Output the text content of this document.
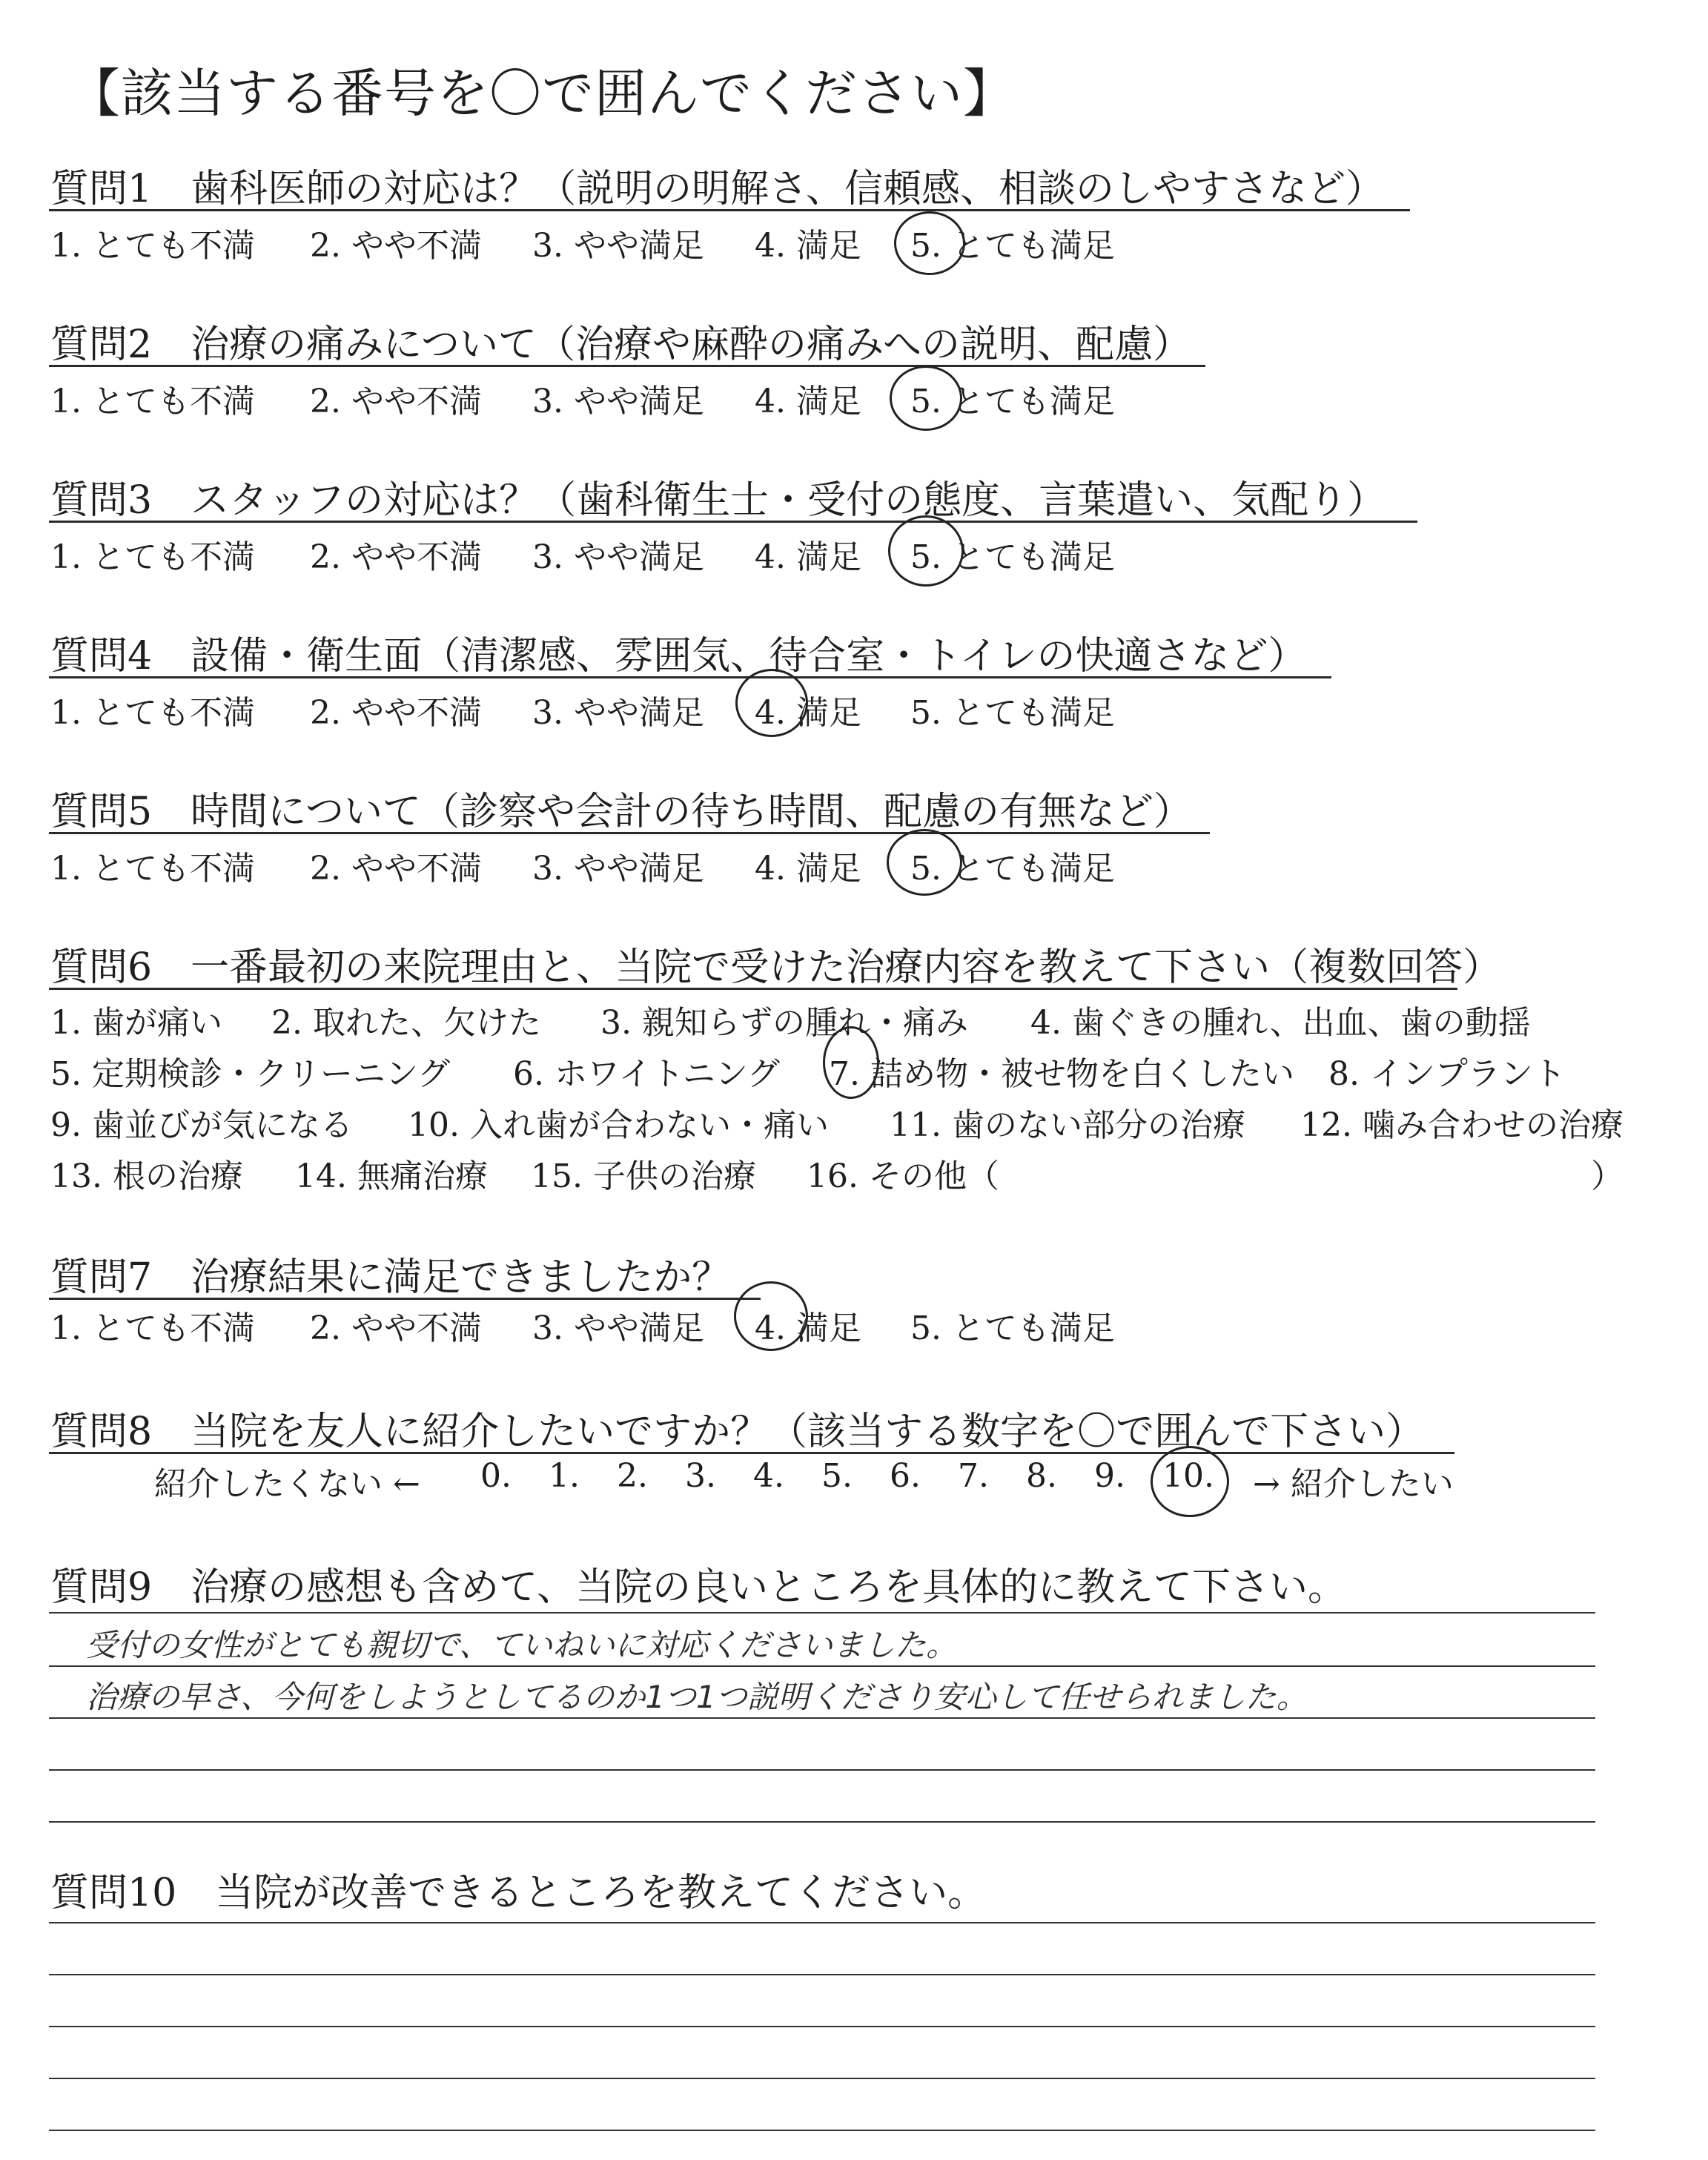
【該当する番号を〇で囲んでください】
質問1　歯科医師の対応は？（説明の明解さ、信頼感、相談のしやすさなど）
1. とても不満 2. やや不満 3. やや満足 4. 満足 5. とても満足
質問2　治療の痛みについて（治療や麻酔の痛みへの説明、配慮）
1. とても不満 2. やや不満 3. やや満足 4. 満足 5. とても満足
質問3　スタッフの対応は？（歯科衛生士・受付の態度、言葉遣い、気配り）
1. とても不満 2. やや不満 3. やや満足 4. 満足 5. とても満足
質問4　設備・衛生面（清潔感、雰囲気、待合室・トイレの快適さなど）
1. とても不満 2. やや不満 3. やや満足 4. 満足 5. とても満足
質問5　時間について（診察や会計の待ち時間、配慮の有無など）
1. とても不満 2. やや不満 3. やや満足 4. 満足 5. とても満足
質問6　一番最初の来院理由と、当院で受けた治療内容を教えて下さい（複数回答）
1. 歯が痛い 2. 取れた、欠けた 3. 親知らずの腫れ・痛み 4. 歯ぐきの腫れ、出血、歯の動揺
5. 定期検診・クリーニング 6. ホワイトニング 7. 詰め物・被せ物を白くしたい 8. インプラント
9. 歯並びが気になる 10. 入れ歯が合わない・痛い 11. 歯のない部分の治療 12. 噛み合わせの治療
13. 根の治療 14. 無痛治療 15. 子供の治療 16. その他（	）
質問7　治療結果に満足できましたか？
1. とても不満 2. やや不満 3. やや満足 4. 満足 5. とても満足
質問8　当院を友人に紹介したいですか？（該当する数字を〇で囲んで下さい）
紹介したくない ← 0. 1. 2. 3. 4. 5. 6. 7. 8. 9. 10. → 紹介したい
質問9　治療の感想も含めて、当院の良いところを具体的に教えて下さい。
受付の女性がとても親切で、ていねいに対応くださいました。
治療の早さ、今何をしようとしてるのか1つ1つ説明くださり安心して任せられました。
質問10　当院が改善できるところを教えてください。
